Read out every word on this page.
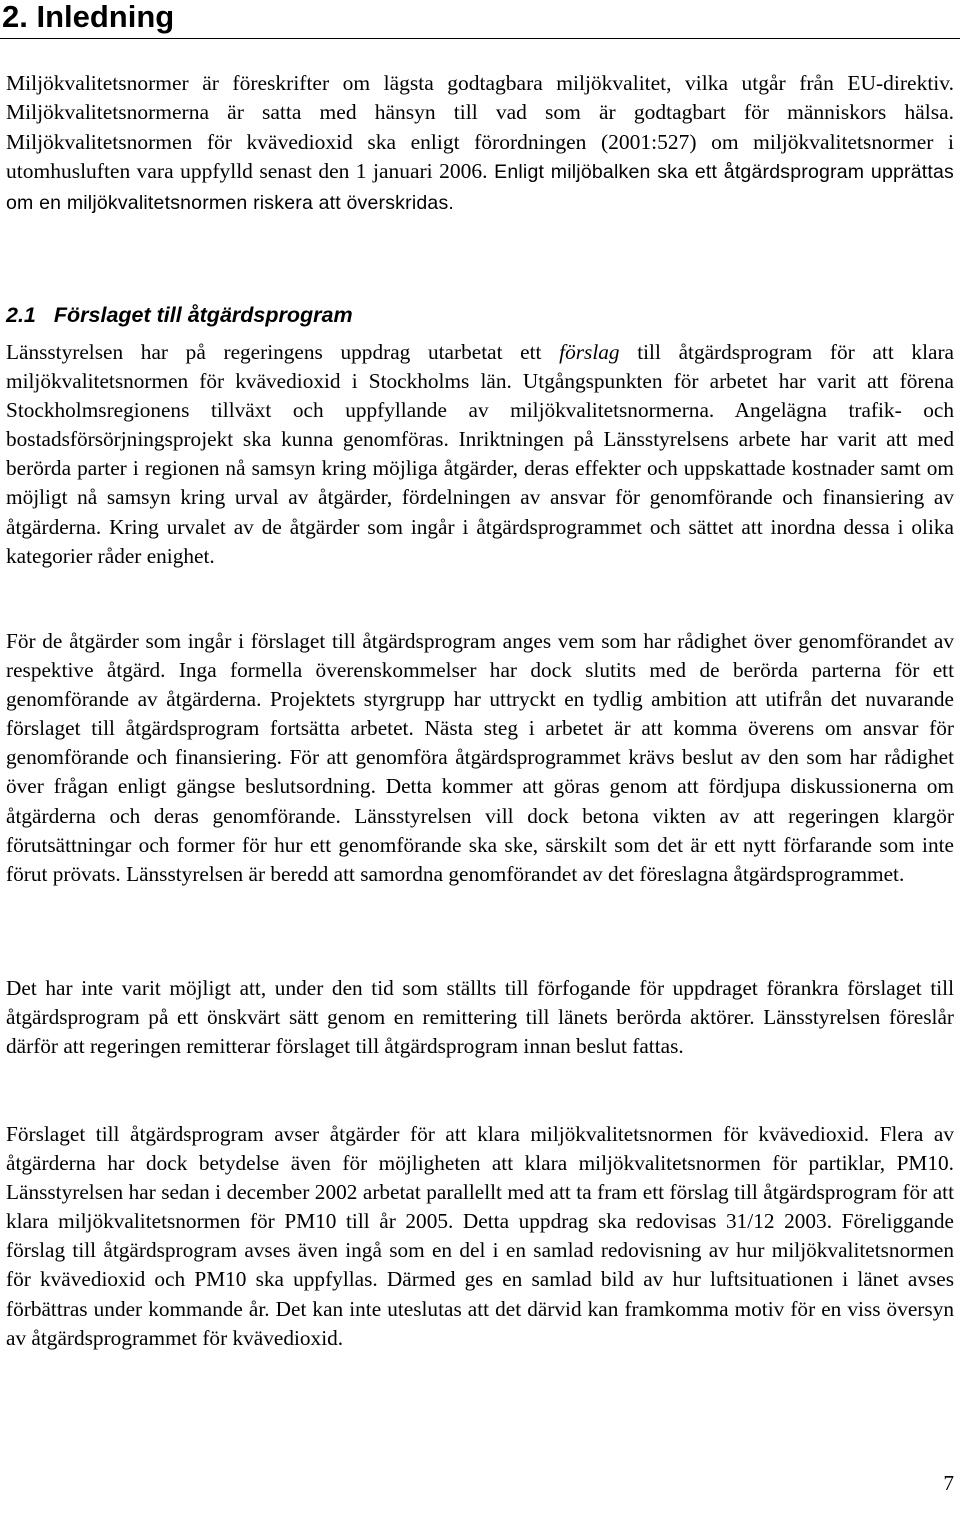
2. Inledning

Miljökvalitetsnormer är föreskrifter om lägsta godtagbara miljökvalitet, vilka utgår från EU-direktiv. Miljökvalitetsnormerna är satta med hänsyn till vad som är godtagbart för människors hälsa. Miljökvalitetsnormen för kvävedioxid ska enligt förordningen (2001:527) om miljökvalitetsnormer i utomhusluften vara uppfylld senast den 1 januari 2006. Enligt miljöbalken ska ett åtgärdsprogram upprättas om en miljökvalitetsnormen riskera att överskridas.

2.1 Förslaget till åtgärdsprogram

Länsstyrelsen har på regeringens uppdrag utarbetat ett förslag till åtgärdsprogram för att klara miljökvalitetsnormen för kvävedioxid i Stockholms län. Utgångspunkten för arbetet har varit att förena Stockholmsregionens tillväxt och uppfyllande av miljökvalitetsnormerna. Angelägna trafik- och bostadsförsörjningsprojekt ska kunna genomföras. Inriktningen på Länsstyrelsens arbete har varit att med berörda parter i regionen nå samsyn kring möjliga åtgärder, deras effekter och uppskattade kostnader samt om möjligt nå samsyn kring urval av åtgärder, fördelningen av ansvar för genomförande och finansiering av åtgärderna. Kring urvalet av de åtgärder som ingår i åtgärdsprogrammet och sättet att inordna dessa i olika kategorier råder enighet.

För de åtgärder som ingår i förslaget till åtgärdsprogram anges vem som har rådighet över genomförandet av respektive åtgärd. Inga formella överenskommelser har dock slutits med de berörda parterna för ett genomförande av åtgärderna. Projektets styrgrupp har uttryckt en tydlig ambition att utifrån det nuvarande förslaget till åtgärdsprogram fortsätta arbetet. Nästa steg i arbetet är att komma överens om ansvar för genomförande och finansiering. För att genomföra åtgärdsprogrammet krävs beslut av den som har rådighet över frågan enligt gängse beslutsordning. Detta kommer att göras genom att fördjupa diskussionerna om åtgärderna och deras genomförande. Länsstyrelsen vill dock betona vikten av att regeringen klargör förutsättningar och former för hur ett genomförande ska ske, särskilt som det är ett nytt förfarande som inte förut prövats. Länsstyrelsen är beredd att samordna genomförandet av det föreslagna åtgärdsprogrammet.

Det har inte varit möjligt att, under den tid som ställts till förfogande för uppdraget förankra förslaget till åtgärdsprogram på ett önskvärt sätt genom en remittering till länets berörda aktörer. Länsstyrelsen föreslår därför att regeringen remitterar förslaget till åtgärdsprogram innan beslut fattas.

Förslaget till åtgärdsprogram avser åtgärder för att klara miljökvalitetsnormen för kvävedioxid. Flera av åtgärderna har dock betydelse även för möjligheten att klara miljökvalitetsnormen för partiklar, PM10. Länsstyrelsen har sedan i december 2002 arbetat parallellt med att ta fram ett förslag till åtgärdsprogram för att klara miljökvalitetsnormen för PM10 till år 2005. Detta uppdrag ska redovisas 31/12 2003. Föreliggande förslag till åtgärdsprogram avses även ingå som en del i en samlad redovisning av hur miljökvalitetsnormen för kvävedioxid och PM10 ska uppfyllas. Därmed ges en samlad bild av hur luftsituationen i länet avses förbättras under kommande år. Det kan inte uteslutas att det därvid kan framkomma motiv för en viss översyn av åtgärdsprogrammet för kvävedioxid.

7
